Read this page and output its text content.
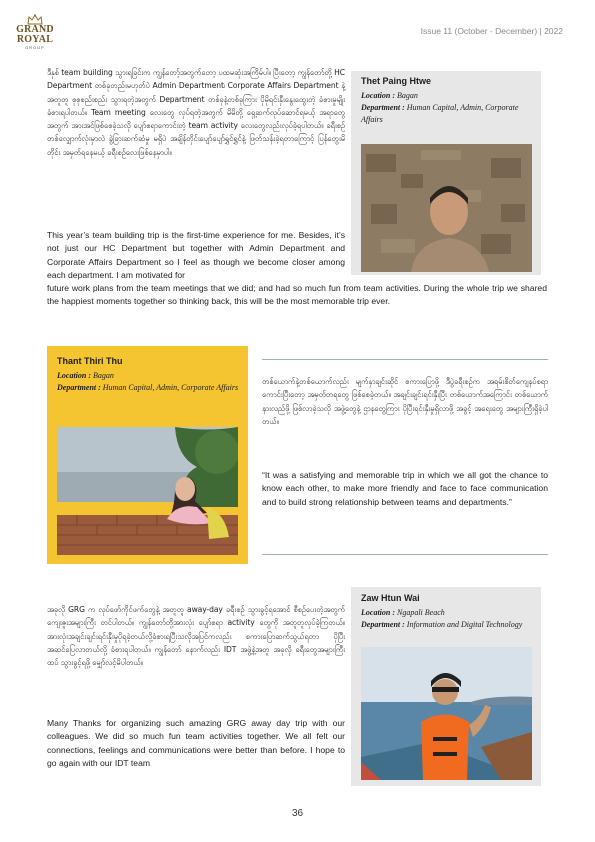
GRAND
ROYAL
GROUP
Issue 11 (October - December) | 2022

ဒီနှစ် team building သွားရခြင်းက ကျွန်တော့်အတွက်တော့ ပထမဆုံးအကြိမ်ပါ။ ပြီးတော့ ကျွန်တော်တို့ HC Department တစ်ခုတည်းမဟုတ်ပဲ Admin Department၊ Corporate Affairs Department နဲ့အတူတူ စုစုစည်းစည်း သွားရတဲ့အတွက် Department တစ်ခုနဲ့တစ်ခုကြား ပိုမိုရင်းနှီးနွေးထွေးတဲ့ ခံစားမှုမျိုး ခံစားရပါတယ်။ Team meeting လေးတွေ လုပ်ရတဲ့အတွက် မိမိတို့ ရှေ့ဆက်လုပ်ဆောင်ရမယ့် အရာတွေအတွက် အားအင်ဖြစ်စေခဲ့သလို ပျော်စရာကောင်းတဲ့ team activity လေးတွေလည်းလုပ်ခဲ့ရပါတယ်။ ခရီးစဉ် တစ်လျှောက်လုံးမှာလဲ ခွဲခြားဆက်ဆံမှု မရှိပဲ အချိန်တိုင်းပျော်ပျော်ရွှင်ရွှင်နဲ့ ဖြတ်သန်းခဲ့ရတာကြောင့် ပြန်တွေးမိတိုင်း အမှတ်ရနေမယ့် ခရီးစဉ်လေးဖြစ်နေမှာပါ။

Thet Paing Htwe

Location : Bagan

Department : Human Capital, Admin, Corporate Affairs

This year’s team building trip is the first-time experience for me. Besides, it’s not just our HC Department but together with Admin Department and Corporate Affairs Department so I feel as though we become closer among each department. I am motivated for

future work plans from the team meetings that we did; and had so much fun from team activities. During the whole trip we shared the happiest moments together so thinking back, this will be the most memorable trip ever.

Thant Thiri Thu

Location : Bagan

Department : Human Capital, Admin, Corporate Affairs

တစ်ယောက်နဲ့တစ်ယောက်လည်း မျက်နှာချင်းဆိုင် စကားပြောဖို့ ဒီပွဲခရီးစဉ်က အရမ်းစိတ်ကျေနပ်စရာ ကောင်းပြီးတော့ အမှတ်တရတွေ ဖြစ်စေခဲ့တယ်။ အချင်းချင်းရင်းနှီးပြီး တစ်ယောက်အကြောင်း တစ်ယောက်နားလည်ဖို့ ဖြစ်လာခဲ့သလို အဖွဲ့တွေနဲ့ ဌာနတွေကြား ပိုပြီးရင်းနှီးမှုရှိလာဖို့ အခွင့် အရေးတွေ အများကြီးရှိခဲ့ပါတယ်။

“It was a satisfying and memorable trip in which we all got the chance to know each other, to make more friendly and face to face communication and to build strong relationship between teams and departments.”

အခုလို GRG က လုပ်ဖော်ကိုင်ဖက်တွေနဲ့ အတူတူ away-day ခရီးစဉ် သွားခွင့်ရအောင် စီစဉ်ပေးတဲ့အတွက် ကျေးဇူးအများကြီး တင်ပါတယ်။ ကျွန်တော်တို့အားလုံး ပျော်စရာ activity တွေကို အတူတူလုပ်ခဲ့ကြတယ်။ အားလုံးအချင်းချင်းရင်းနှီးမှုပိုရခဲ့တယ်လို့ခံစားရပြီးသလိုအပြင်ကလည်း စကားပြောဆက်သွယ်ရတာ ပိုပြီး အဆင်ပြေလာတယ်လို့ ခံစားရပါတယ်။ ကျွန်တော် နောက်လည်း IDT အဖွဲ့နဲ့အတူ အခုလို ခရီးတွေအများကြီးထပ် သွားခွင့်ရဖို့ မျှော်လင့်မိပါတယ်။

Many Thanks for organizing such amazing GRG away day trip with our colleagues. We did so much fun team activities together. We all felt our connections, feelings and communications were better than before. I hope to go again with our IDT team

Zaw Htun Wai

Location : Ngapali Beach

Department : Information and Digital Technology

36
